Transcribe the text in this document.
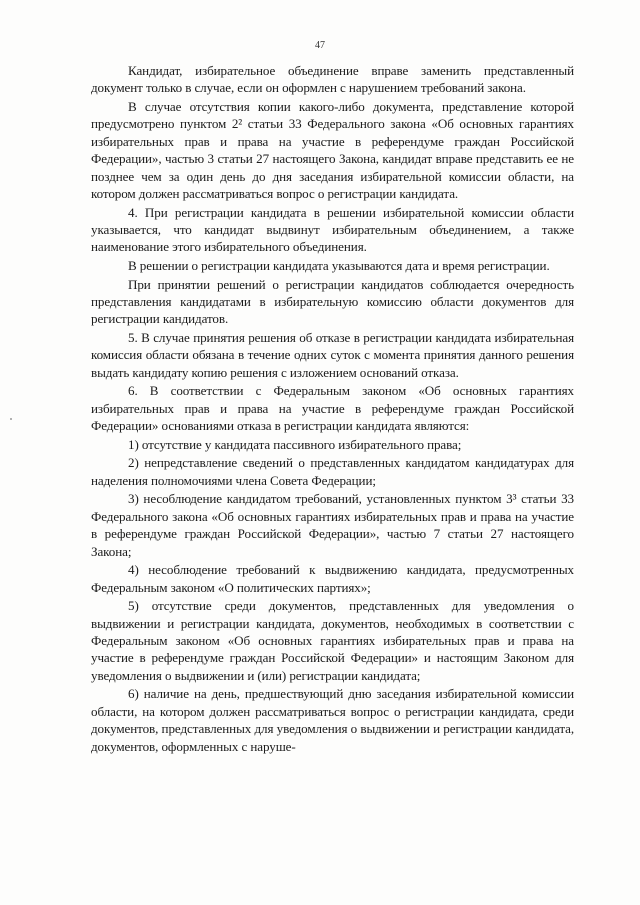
47

Кандидат, избирательное объединение вправе заменить представленный документ только в случае, если он оформлен с нарушением требований закона.

В случае отсутствия копии какого-либо документа, представление которой предусмотрено пунктом 2² статьи 33 Федерального закона «Об основных гарантиях избирательных прав и права на участие в референдуме граждан Российской Федерации», частью 3 статьи 27 настоящего Закона, кандидат вправе представить ее не позднее чем за один день до дня заседания избирательной комиссии области, на котором должен рассматриваться вопрос о регистрации кандидата.

4. При регистрации кандидата в решении избирательной комиссии области указывается, что кандидат выдвинут избирательным объединением, а также наименование этого избирательного объединения.

В решении о регистрации кандидата указываются дата и время регистрации.

При принятии решений о регистрации кандидатов соблюдается очередность представления кандидатами в избирательную комиссию области документов для регистрации кандидатов.

5. В случае принятия решения об отказе в регистрации кандидата избирательная комиссия области обязана в течение одних суток с момента принятия данного решения выдать кандидату копию решения с изложением оснований отказа.

6. В соответствии с Федеральным законом «Об основных гарантиях избирательных прав и права на участие в референдуме граждан Российской Федерации» основаниями отказа в регистрации кандидата являются:

1) отсутствие у кандидата пассивного избирательного права;

2) непредставление сведений о представленных кандидатом кандидатурах для наделения полномочиями члена Совета Федерации;

3) несоблюдение кандидатом требований, установленных пунктом 3³ статьи 33 Федерального закона «Об основных гарантиях избирательных прав и права на участие в референдуме граждан Российской Федерации», частью 7 статьи 27 настоящего Закона;

4) несоблюдение требований к выдвижению кандидата, предусмотренных Федеральным законом «О политических партиях»;

5) отсутствие среди документов, представленных для уведомления о выдвижении и регистрации кандидата, документов, необходимых в соответствии с Федеральным законом «Об основных гарантиях избирательных прав и права на участие в референдуме граждан Российской Федерации» и настоящим Законом для уведомления о выдвижении и (или) регистрации кандидата;

6) наличие на день, предшествующий дню заседания избирательной комиссии области, на котором должен рассматриваться вопрос о регистрации кандидата, среди документов, представленных для уведомления о выдвижении и регистрации кандидата, документов, оформленных с наруше-
